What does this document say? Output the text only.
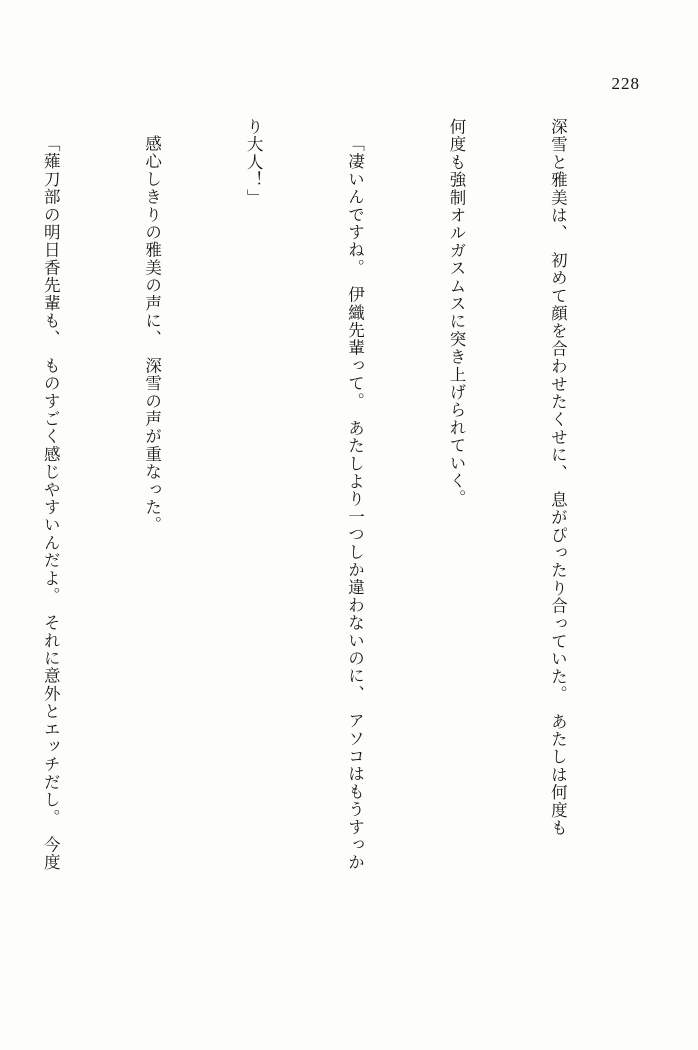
228

深雪と雅美は、　初めて顔を合わせたくせに、　息がぴったり合っていた。　あたしは何度も

何度も強制オルガスムスに突き上げられていく。

「凄いんですね。　伊織先輩って。　あたしより一つしか違わないのに、　アソコはもうすっか

り大人！」

感心しきりの雅美の声に、　深雪の声が重なった。

「薙刀部の明日香先輩も、　ものすごく感じやすいんだよ。　それに意外とエッチだし。　今度
